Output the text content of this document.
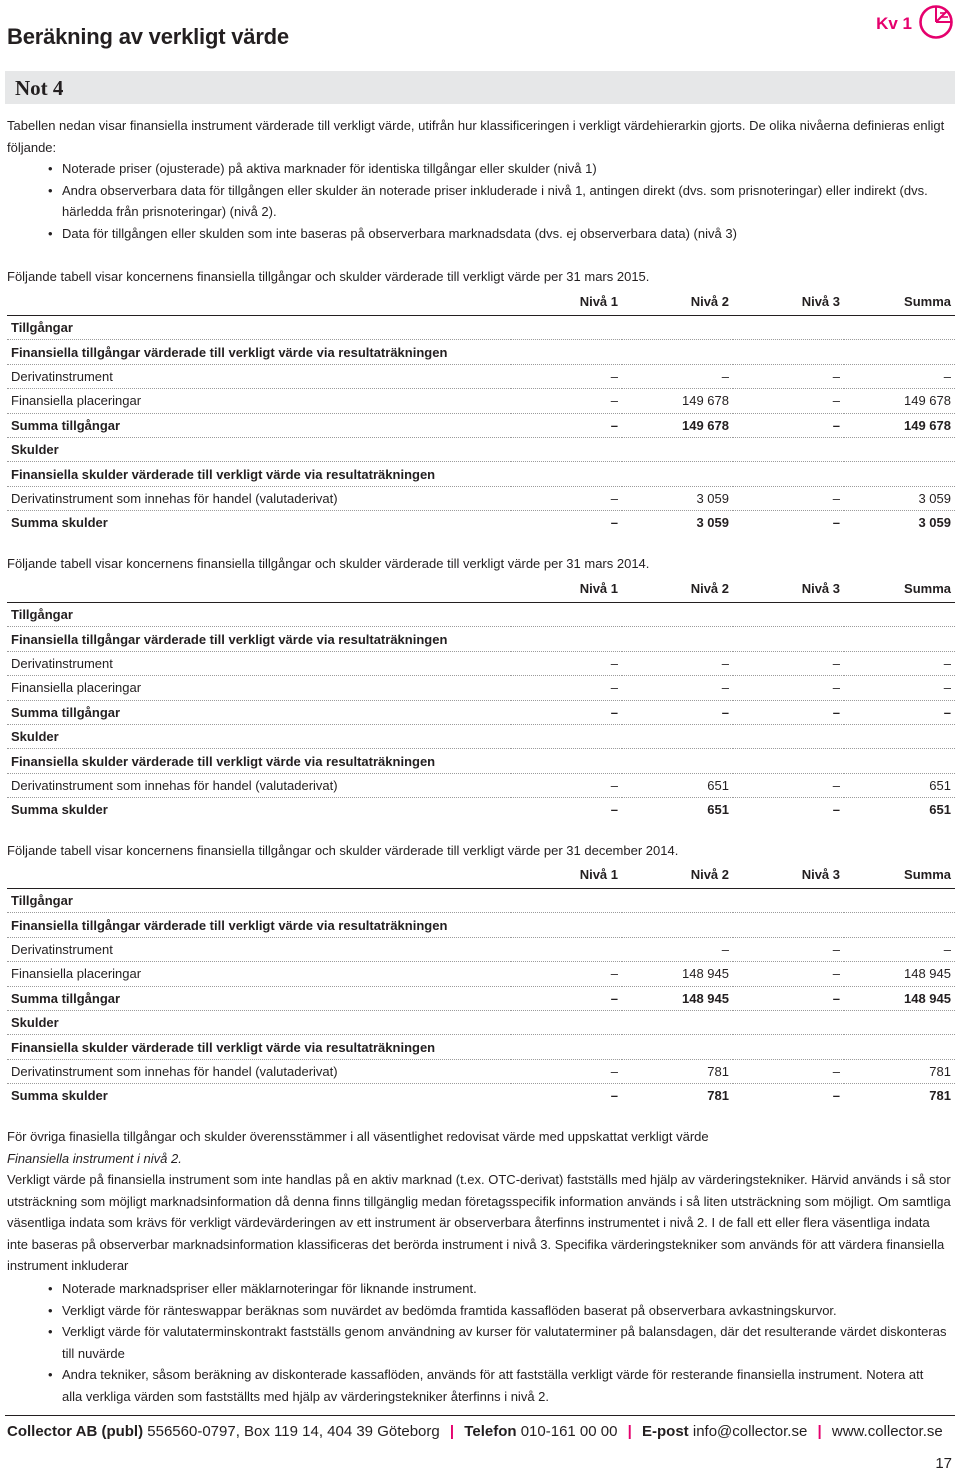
Beräkning av verkligt värde
Kv 1
Not 4
Tabellen nedan visar finansiella instrument värderade till verkligt värde, utifrån hur klassificeringen i verkligt värdehierarkin gjorts. De olika nivåerna definieras enligt följande:
• Noterade priser (ojusterade) på aktiva marknader för identiska tillgångar eller skulder (nivå 1)
• Andra observerbara data för tillgången eller skulder än noterade priser inkluderade i nivå 1, antingen direkt (dvs. som prisnoteringar) eller indirekt (dvs. härledda från prisnoteringar) (nivå 2).
• Data för tillgången eller skulden som inte baseras på observerbara marknadsdata (dvs. ej observerbara data) (nivå 3)
Följande tabell visar koncernens finansiella tillgångar och skulder värderade till verkligt värde per 31 mars 2015.
	Nivå 1	Nivå 2	Nivå 3	Summa
Tillgångar				
Finansiella tillgångar värderade till verkligt värde via resultaträkningen				
Derivatinstrument	–	–	–	–
Finansiella placeringar	–	149 678	–	149 678
Summa tillgångar	–	149 678	–	149 678
Skulder				
Finansiella skulder värderade till verkligt värde via resultaträkningen				
Derivatinstrument som innehas för handel (valutaderivat)	–	3 059	–	3 059
Summa skulder	–	3 059	–	3 059
Följande tabell visar koncernens finansiella tillgångar och skulder värderade till verkligt värde per 31 mars 2014.
	Nivå 1	Nivå 2	Nivå 3	Summa
Tillgångar				
Finansiella tillgångar värderade till verkligt värde via resultaträkningen				
Derivatinstrument	–	–	–	–
Finansiella placeringar	–	–	–	–
Summa tillgångar	–	–	–	–
Skulder				
Finansiella skulder värderade till verkligt värde via resultaträkningen				
Derivatinstrument som innehas för handel (valutaderivat)	–	651	–	651
Summa skulder	–	651	–	651
Följande tabell visar koncernens finansiella tillgångar och skulder värderade till verkligt värde per 31 december 2014.
	Nivå 1	Nivå 2	Nivå 3	Summa
Tillgångar				
Finansiella tillgångar värderade till verkligt värde via resultaträkningen				
Derivatinstrument		–	–	–
Finansiella placeringar	–	148 945	–	148 945
Summa tillgångar	–	148 945	–	148 945
Skulder				
Finansiella skulder värderade till verkligt värde via resultaträkningen				
Derivatinstrument som innehas för handel (valutaderivat)	–	781	–	781
Summa skulder	–	781	–	781
För övriga finasiella tillgångar och skulder överensstämmer i all väsentlighet redovisat värde med uppskattat verkligt värde
Finansiella instrument i nivå 2.
Verkligt värde på finansiella instrument som inte handlas på en aktiv marknad (t.ex. OTC-derivat) fastställs med hjälp av värderingstekniker. Härvid används i så stor utsträckning som möjligt marknadsinformation då denna finns tillgänglig medan företagsspecifik information används i så liten utsträckning som möjligt. Om samtliga väsentliga indata som krävs för verkligt värdevärderingen av ett instrument är observerbara återfinns instrumentet i nivå 2. I de fall ett eller flera väsentliga indata inte baseras på observerbar marknadsinformation klassificeras det berörda instrument i nivå 3. Specifika värderingstekniker som används för att värdera finansiella instrument inkluderar
• Noterade marknadspriser eller mäklarnoteringar för liknande instrument.
• Verkligt värde för ränteswappar beräknas som nuvärdet av bedömda framtida kassaflöden baserat på observerbara avkastningskurvor.
• Verkligt värde för valutaterminskontrakt fastställs genom användning av kurser för valutaterminer på balansdagen, där det resulterande värdet diskonteras till nuvärde
• Andra tekniker, såsom beräkning av diskonterade kassaflöden, används för att fastställa verkligt värde för resterande finansiella instrument. Notera att alla verkliga värden som fastställts med hjälp av värderingstekniker återfinns i nivå 2.
Collector AB (publ) 556560-0797, Box 119 14, 404 39 Göteborg | Telefon 010-161 00 00 | E-post info@collector.se | www.collector.se
17
